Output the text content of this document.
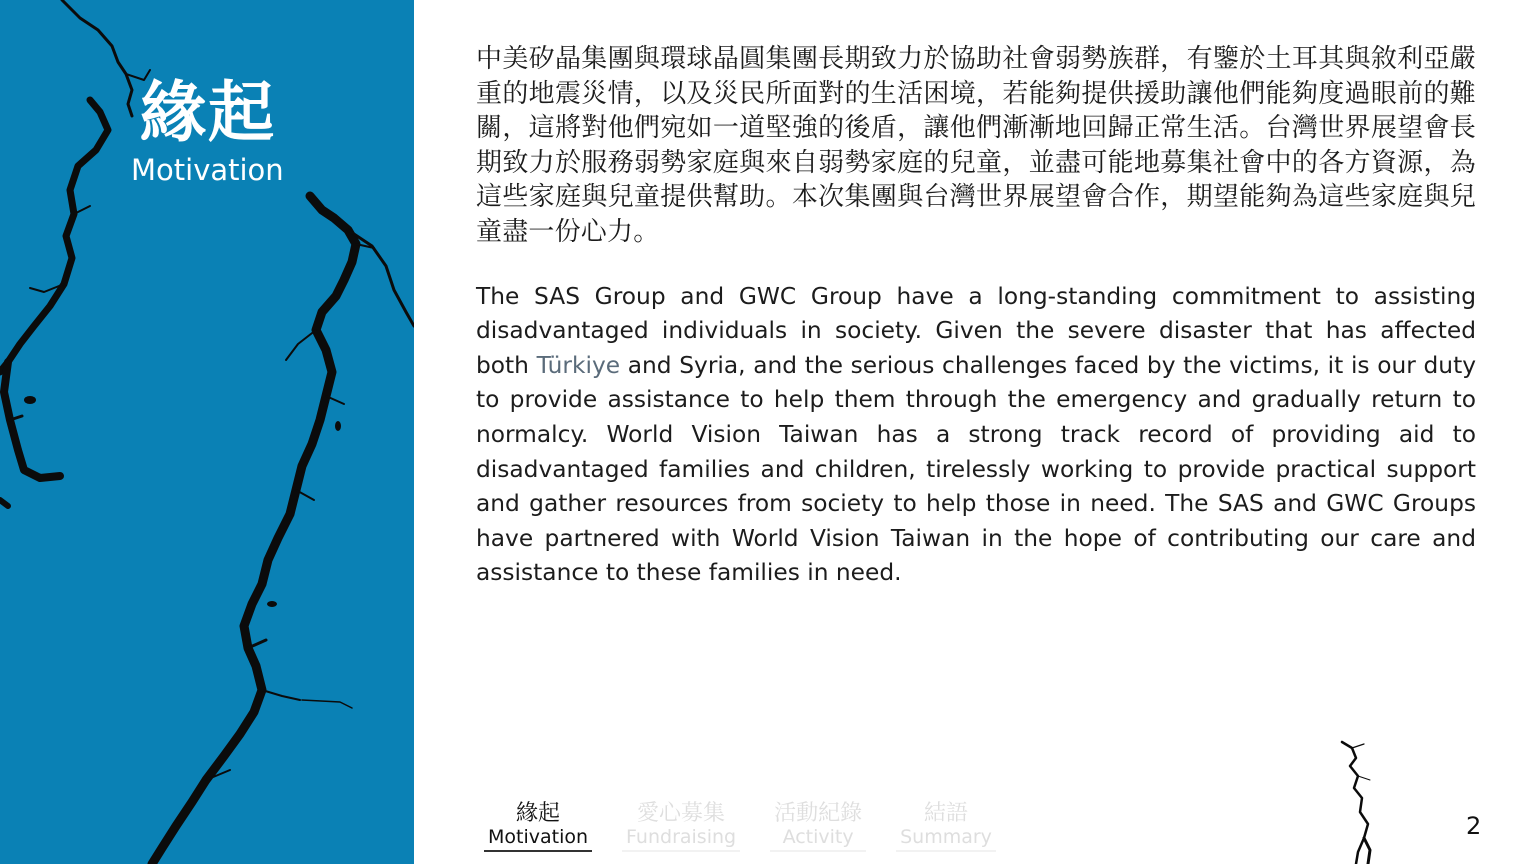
緣起
Motivation

中美矽晶集團與環球晶圓集團長期致力於協助社會弱勢族群，有鑒於土耳其與敘利亞嚴重的地震災情，以及災民所面對的生活困境，若能夠提供援助讓他們能夠度過眼前的難關，這將對他們宛如一道堅強的後盾，讓他們漸漸地回歸正常生活。台灣世界展望會長期致力於服務弱勢家庭與來自弱勢家庭的兒童，並盡可能地募集社會中的各方資源，為這些家庭與兒童提供幫助。本次集團與台灣世界展望會合作，期望能夠為這些家庭與兒童盡一份心力。

The SAS Group and GWC Group have a long-standing commitment to assisting disadvantaged individuals in society. Given the severe disaster that has affected both Türkiye and Syria, and the serious challenges faced by the victims, it is our duty to provide assistance to help them through the emergency and gradually return to normalcy. World Vision Taiwan has a strong track record of providing aid to disadvantaged families and children, tirelessly working to provide practical support and gather resources from society to help those in need. The SAS and GWC Groups have partnered with World Vision Taiwan in the hope of contributing our care and assistance to these families in need.

緣起
Motivation
愛心募集
Fundraising
活動紀錄
Activity
結語
Summary	2
